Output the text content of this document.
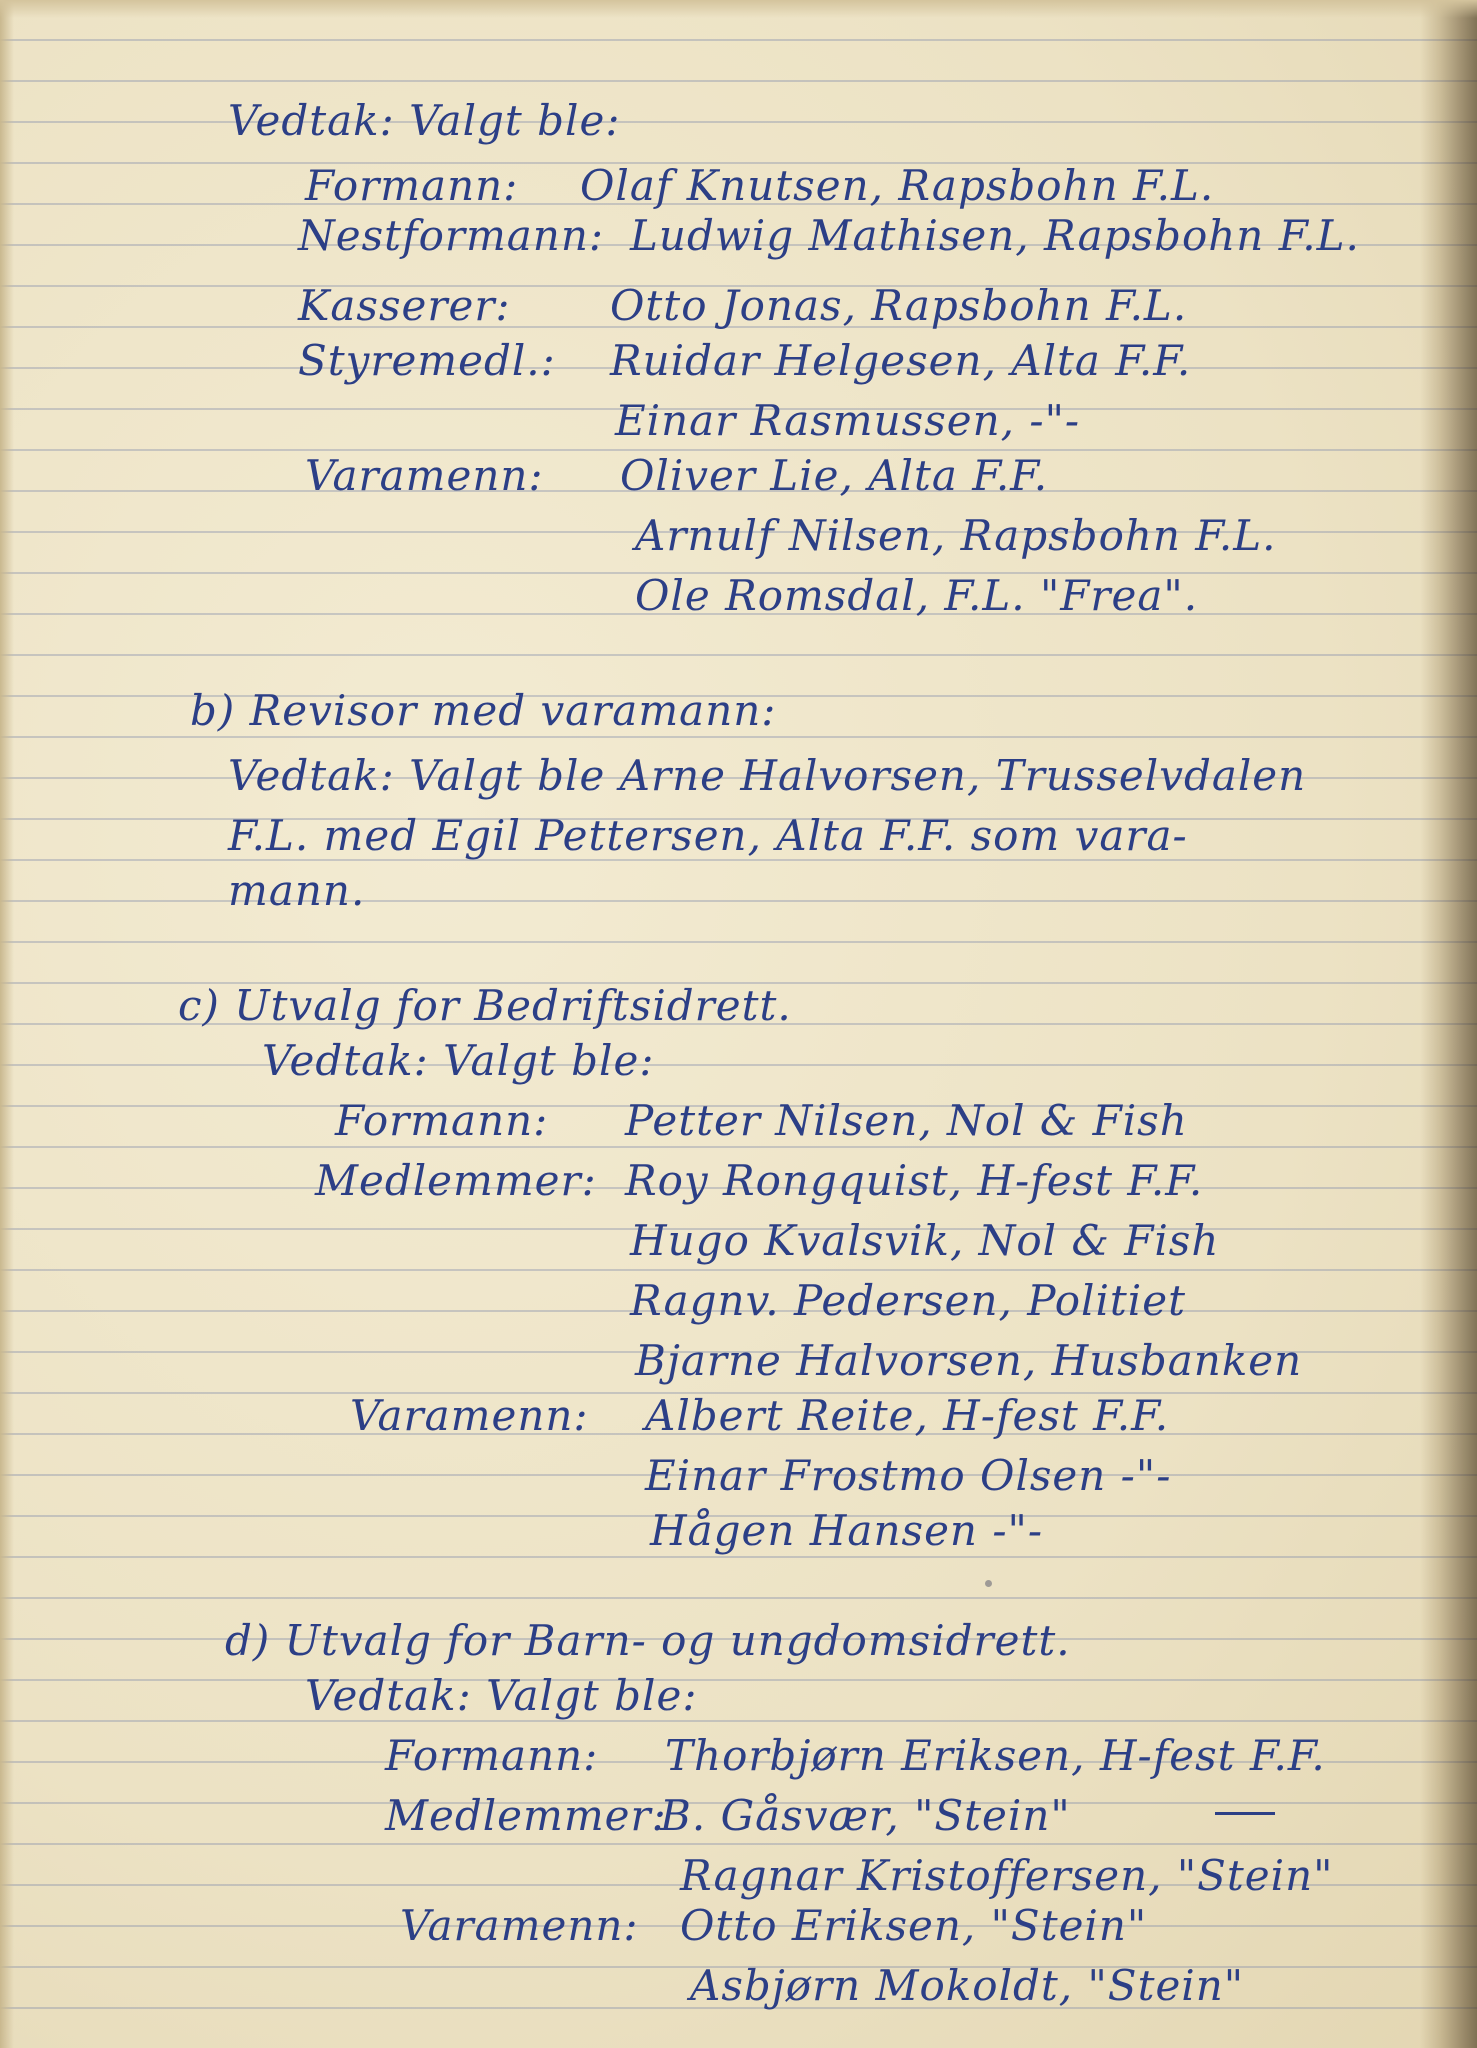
Vedtak: Valgt ble:
Formann: Olaf Knutsen, Rapsbohn F.L.
Nestformann: Ludwig Mathisen, Rapsbohn F.L.
Kasserer: Otto Jonas, Rapsbohn F.L.
Styremedl.: Ruidar Helgesen, Alta F.F.
Einar Rasmussen, -"-
Varamenn: Oliver Lie, Alta F.F.
Arnulf Nilsen, Rapsbohn F.L.
Ole Romsdal, F.L. "Frea".
b) Revisor med varamann:
Vedtak: Valgt ble Arne Halvorsen, Trusselvdalen
F.L. med Egil Pettersen, Alta F.F. som vara-
mann.
c) Utvalg for Bedriftsidrett.
Vedtak: Valgt ble:
Formann: Petter Nilsen, Nol & Fish
Medlemmer: Roy Rongquist, H-fest F.F.
Hugo Kvalsvik, Nol & Fish
Ragnv. Pedersen, Politiet
Bjarne Halvorsen, Husbanken
Varamenn: Albert Reite, H-fest F.F.
Einar Frostmo Olsen -"-
Hågen Hansen -"-
d) Utvalg for Barn- og ungdomsidrett.
Vedtak: Valgt ble:
Formann: Thorbjørn Eriksen, H-fest F.F.
Medlemmer:
B. Gåsvær, "Stein"
Ragnar Kristoffersen, "Stein"
Varamenn: Otto Eriksen, "Stein"
Asbjørn Mokoldt, "Stein"
